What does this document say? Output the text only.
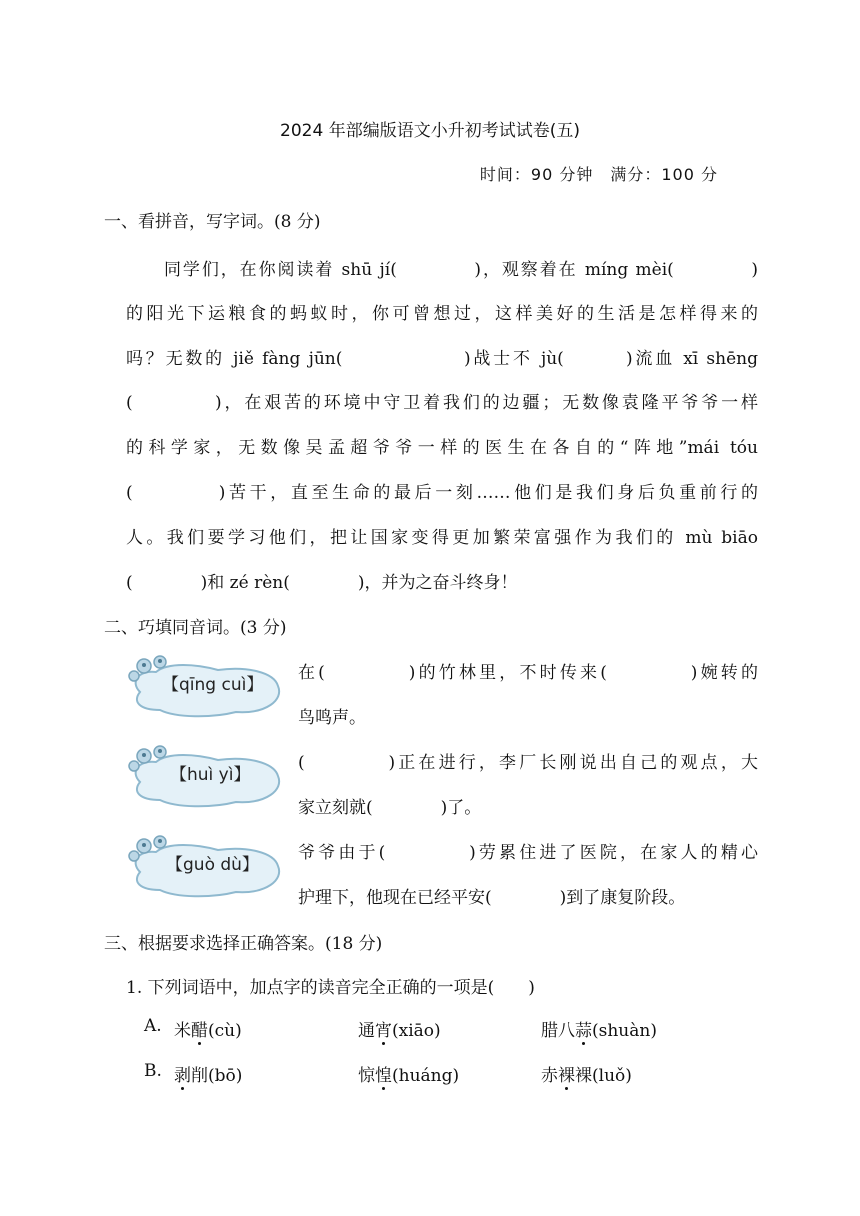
2024 年部编版语文小升初考试试卷(五)
时间：90 分钟　满分：100 分
一、看拼音，写字词。(8 分)
同学们，在你阅读着 shū jí(　　　　)，观察着在 míng mèi(　　　　)
的阳光下运粮食的蚂蚁时，你可曾想过，这样美好的生活是怎样得来的
吗？无数的 jiě fàng jūn(　　　　　　)战士不 jù(　　　)流血 xī shēng
(　　　　)，在艰苦的环境中守卫着我们的边疆；无数像袁隆平爷爷一样
的科学家，无数像吴孟超爷爷一样的医生在各自的“阵地”mái tóu
(　　　　)苦干，直至生命的最后一刻……他们是我们身后负重前行的
人。我们要学习他们，把让国家变得更加繁荣富强作为我们的 mù biāo
(　　　　)和 zé rèn(　　　　)，并为之奋斗终身！
二、巧填同音词。(3 分)
【qīng cuì】
在(　　　　)的竹林里，不时传来(　　　　)婉转的
鸟鸣声。
【huì yì】
(　　　　)正在进行，李厂长刚说出自己的观点，大
家立刻就(　　　　)了。
【guò dù】
爷爷由于(　　　　)劳累住进了医院，在家人的精心
护理下，他现在已经平安(　　　　)到了康复阶段。
三、根据要求选择正确答案。(18 分)
1. 下列词语中，加点字的读音完全正确的一项是(　　)
A. 米醋(cù)	通宵(xiāo)	腊八蒜(shuàn)
B. 剥削(bō)	惊惶(huáng)	赤裸裸(luǒ)
